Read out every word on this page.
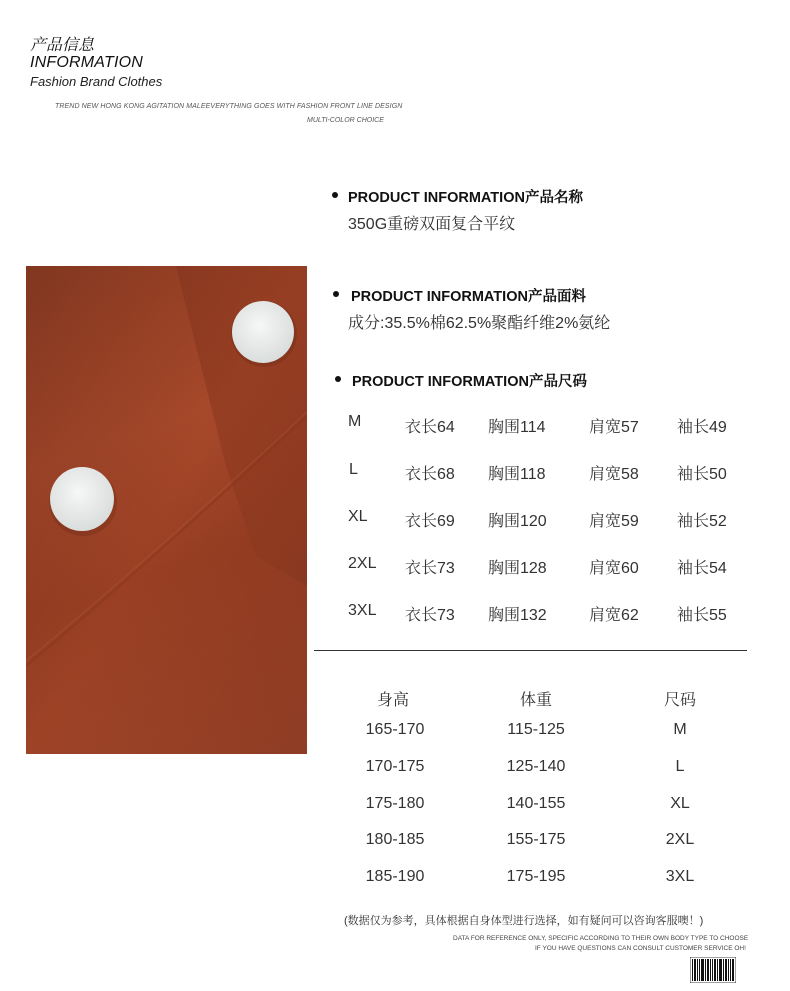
产品信息
INFORMATION
Fashion Brand Clothes
TREND NEW HONG KONG AGITATION MALEEVERYTHING GOES WITH FASHION FRONT LINE DESIGN
MULTI-COLOR CHOICE
PRODUCT INFORMATION产品名称
350G重磅双面复合平纹
PRODUCT INFORMATION产品面料
成分:35.5%棉62.5%聚酯纤维2%氨纶
PRODUCT INFORMATION产品尺码
M	衣长64 胸围114	肩宽57 袖长49
L	衣长68 胸围118	肩宽58 袖长50
XL 衣长69 胸围120	肩宽59 袖长52
2XL 衣长73 胸围128	肩宽60 袖长54
3XL 衣长73 胸围132	肩宽62 袖长55
身高	体重	尺码
165-170	115-125	M
170-175	125-140	L
175-180	140-155	XL
180-185	155-175	2XL
185-190	175-195	3XL
(数据仅为参考，具体根据自身体型进行选择，如有疑问可以咨询客服噢！)
DATA FOR REFERENCE ONLY, SPECIFIC ACCORDING TO THEIR OWN BODY TYPE TO CHOOSE
IF YOU HAVE QUESTIONS CAN CONSULT CUSTOMER SERVICE OH!
